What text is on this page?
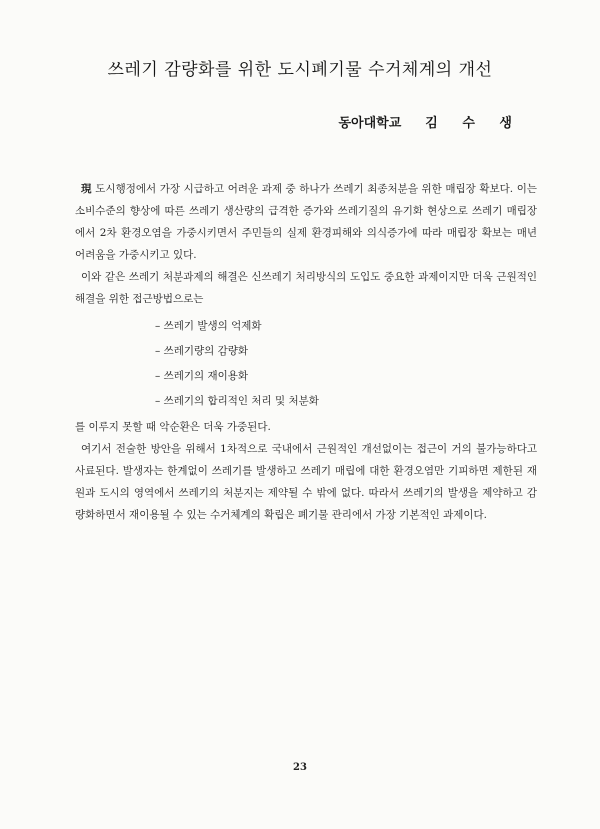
쓰레기 감량화를 위한 도시폐기물 수거체계의 개선
동아대학교 김 수 생

現 도시행정에서 가장 시급하고 어려운 과제 중 하나가 쓰레기 최종처분을 위한 매립장 확보다. 이는 소비수준의 향상에 따른 쓰레기 생산량의 급격한 증가와 쓰레기질의 유기화 현상으로 쓰레기 매립장에서 2차 환경오염을 가중시키면서 주민들의 실제 환경피해와 의식증가에 따라 매립장 확보는 매년 어려움을 가중시키고 있다.

이와 같은 쓰레기 처분과제의 해결은 신쓰레기 처리방식의 도입도 중요한 과제이지만 더욱 근원적인 해결을 위한 접근방법으로는

– 쓰레기 발생의 억제화
– 쓰레기량의 감량화
– 쓰레기의 재이용화
– 쓰레기의 합리적인 처리 및 처분화

를 이루지 못할 때 악순환은 더욱 가중된다.

여기서 전술한 방안을 위해서 1차적으로 국내에서 근원적인 개선없이는 접근이 거의 불가능하다고 사료된다. 발생자는 한계없이 쓰레기를 발생하고 쓰레기 매립에 대한 환경오염만 기피하면 제한된 재원과 도시의 영역에서 쓰레기의 처분지는 제약될 수 밖에 없다. 따라서 쓰레기의 발생을 제약하고 감량화하면서 재이용될 수 있는 수거체계의 확립은 폐기물 관리에서 가장 기본적인 과제이다.

23
